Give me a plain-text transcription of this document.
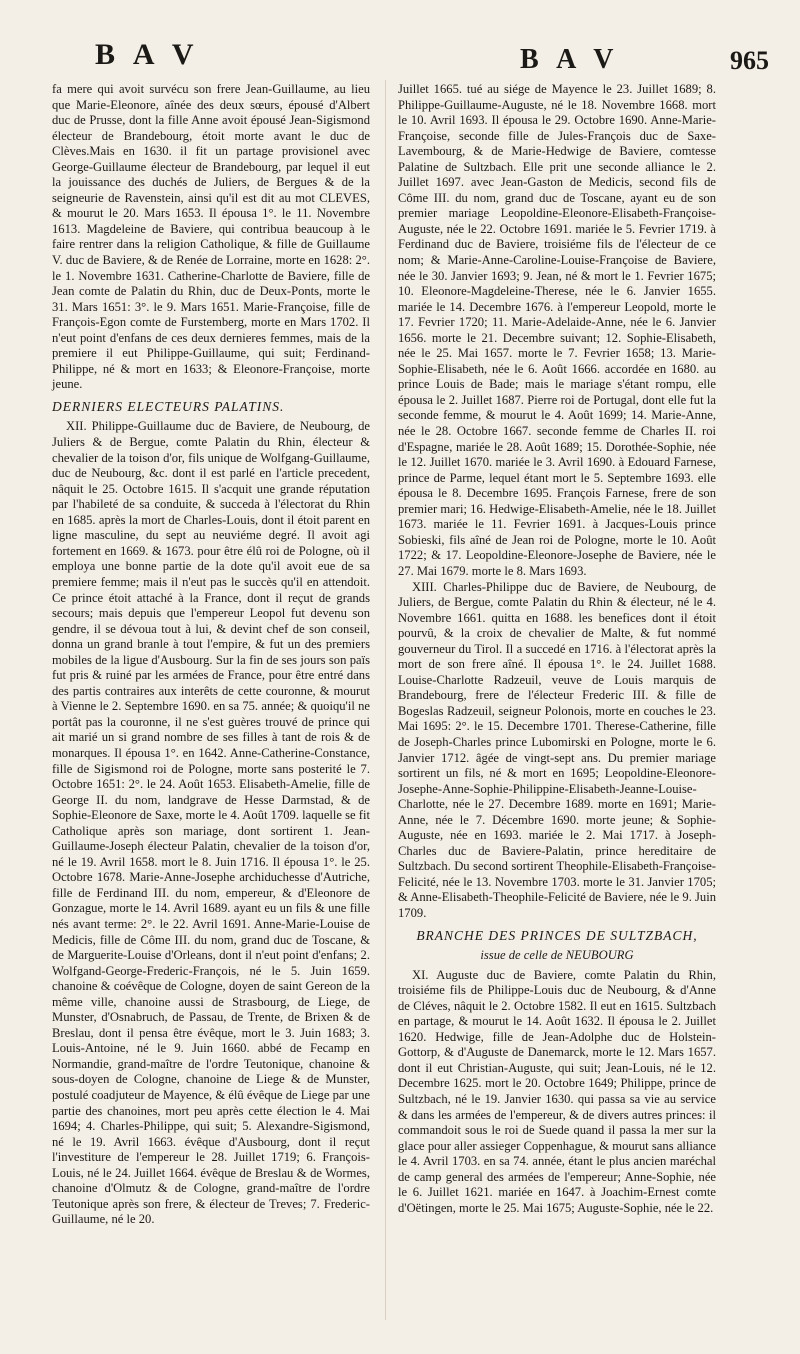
B A V	B A V	965

fa mere qui avoit survécu son frere Jean-Guillaume, au lieu que Marie-Eleonore, aînée des deux sœurs, épousé d'Albert duc de Prusse, dont la fille Anne avoit épousé Jean-Sigismond électeur de Brandebourg, étoit morte avant le duc de Clèves.Mais en 1630. il fit un partage provisionel avec George-Guillaume électeur de Brandebourg, par lequel il eut la jouissance des duchés de Juliers, de Bergues & de la seigneurie de Ravenstein, ainsi qu'il est dit au mot CLEVES, & mourut le 20. Mars 1653. Il épousa 1°. le 11. Novembre 1613. Magdeleine de Baviere, qui contribua beaucoup à le faire rentrer dans la religion Catholique, & fille de Guillaume V. duc de Baviere, & de Renée de Lorraine, morte en 1628: 2°. le 1. Novembre 1631. Catherine-Charlotte de Baviere, fille de Jean comte de Palatin du Rhin, duc de Deux-Ponts, morte le 31. Mars 1651: 3°. le 9. Mars 1651. Marie-Françoise, fille de François-Egon comte de Furstemberg, morte en Mars 1702. Il n'eut point d'enfans de ces deux dernieres femmes, mais de la premiere il eut Philippe-Guillaume, qui suit; Ferdinand-Philippe, né & mort en 1633; & Eleonore-Françoise, morte jeune.

DERNIERS ELECTEURS PALATINS.

XII. Philippe-Guillaume duc de Baviere, de Neubourg, de Juliers & de Bergue, comte Palatin du Rhin, électeur & chevalier de la toison d'or, fils unique de Wolfgang-Guillaume, duc de Neubourg, &c. dont il est parlé en l'article precedent, nâquit le 25. Octobre 1615. Il s'acquit une grande réputation par l'habileté de sa conduite, & succeda à l'électorat du Rhin en 1685. après la mort de Charles-Louis, dont il étoit parent en ligne masculine, du sept au neuviéme degré. Il avoit agi fortement en 1669. & 1673. pour être élû roi de Pologne, où il employa une bonne partie de la dote qu'il avoit eue de sa premiere femme; mais il n'eut pas le succès qu'il en attendoit. Ce prince étoit attaché à la France, dont il reçut de grands secours; mais depuis que l'empereur Leopol fut devenu son gendre, il se dévoua tout à lui, & devint chef de son conseil, donna un grand branle à tout l'empire, & fut un des premiers mobiles de la ligue d'Ausbourg. Sur la fin de ses jours son païs fut pris & ruiné par les armées de France, pour être entré dans des partis contraires aux interêts de cette couronne, & mourut à Vienne le 2. Septembre 1690. en sa 75. année; & quoiqu'il ne portât pas la couronne, il ne s'est guères trouvé de prince qui ait marié un si grand nombre de ses filles à tant de rois & de monarques. Il épousa 1°. en 1642. Anne-Catherine-Constance, fille de Sigismond roi de Pologne, morte sans posterité le 7. Octobre 1651: 2°. le 24. Août 1653. Elisabeth-Amelie, fille de George II. du nom, landgrave de Hesse Darmstad, & de Sophie-Eleonore de Saxe, morte le 4. Août 1709. laquelle se fit Catholique après son mariage, dont sortirent 1. Jean-Guillaume-Joseph électeur Palatin, chevalier de la toison d'or, né le 19. Avril 1658. mort le 8. Juin 1716. Il épousa 1°. le 25. Octobre 1678. Marie-Anne-Josephe archiduchesse d'Autriche, fille de Ferdinand III. du nom, empereur, & d'Eleonore de Gonzague, morte le 14. Avril 1689. ayant eu un fils & une fille nés avant terme: 2°. le 22. Avril 1691. Anne-Marie-Louise de Medicis, fille de Côme III. du nom, grand duc de Toscane, & de Marguerite-Louise d'Orleans, dont il n'eut point d'enfans; 2. Wolfgand-George-Frederic-François, né le 5. Juin 1659. chanoine & coévêque de Cologne, doyen de saint Gereon de la même ville, chanoine aussi de Strasbourg, de Liege, de Munster, d'Osnabruch, de Passau, de Trente, de Brixen & de Breslau, dont il pensa être évêque, mort le 3. Juin 1683; 3. Louis-Antoine, né le 9. Juin 1660. abbé de Fecamp en Normandie, grand-maître de l'ordre Teutonique, chanoine & sous-doyen de Cologne, chanoine de Liege & de Munster, postulé coadjuteur de Mayence, & élû évêque de Liege par une partie des chanoines, mort peu après cette élection le 4. Mai 1694; 4. Charles-Philippe, qui suit; 5. Alexandre-Sigismond, né le 19. Avril 1663. évêque d'Ausbourg, dont il reçut l'investiture de l'empereur le 28. Juillet 1719; 6. François-Louis, né le 24. Juillet 1664. évêque de Breslau & de Wormes, chanoine d'Olmutz & de Cologne, grand-maître de l'ordre Teutonique après son frere, & électeur de Treves; 7. Frederic-Guillaume, né le 20.

Juillet 1665. tué au siége de Mayence le 23. Juillet 1689; 8. Philippe-Guillaume-Auguste, né le 18. Novembre 1668. mort le 10. Avril 1693. Il épousa le 29. Octobre 1690. Anne-Marie-Françoise, seconde fille de Jules-François duc de Saxe-Lavembourg, & de Marie-Hedwige de Baviere, comtesse Palatine de Sultzbach. Elle prit une seconde alliance le 2. Juillet 1697. avec Jean-Gaston de Medicis, second fils de Côme III. du nom, grand duc de Toscane, ayant eu de son premier mariage Leopoldine-Eleonore-Elisabeth-Françoise-Auguste, née le 22. Octobre 1691. mariée le 5. Fevrier 1719. à Ferdinand duc de Baviere, troisiéme fils de l'électeur de ce nom; & Marie-Anne-Caroline-Louise-Françoise de Baviere, née le 30. Janvier 1693; 9. Jean, né & mort le 1. Fevrier 1675; 10. Eleonore-Magdeleine-Therese, née le 6. Janvier 1655. mariée le 14. Decembre 1676. à l'empereur Leopold, morte le 17. Fevrier 1720; 11. Marie-Adelaide-Anne, née le 6. Janvier 1656. morte le 21. Decembre suivant; 12. Sophie-Elisabeth, née le 25. Mai 1657. morte le 7. Fevrier 1658; 13. Marie-Sophie-Elisabeth, née le 6. Août 1666. accordée en 1680. au prince Louis de Bade; mais le mariage s'étant rompu, elle épousa le 2. Juillet 1687. Pierre roi de Portugal, dont elle fut la seconde femme, & mourut le 4. Août 1699; 14. Marie-Anne, née le 28. Octobre 1667. seconde femme de Charles II. roi d'Espagne, mariée le 28. Août 1689; 15. Dorothée-Sophie, née le 12. Juillet 1670. mariée le 3. Avril 1690. à Edouard Farnese, prince de Parme, lequel étant mort le 5. Septembre 1693. elle épousa le 8. Decembre 1695. François Farnese, frere de son premier mari; 16. Hedwige-Elisabeth-Amelie, née le 18. Juillet 1673. mariée le 11. Fevrier 1691. à Jacques-Louis prince Sobieski, fils aîné de Jean roi de Pologne, morte le 10. Août 1722; & 17. Leopoldine-Eleonore-Josephe de Baviere, née le 27. Mai 1679. morte le 8. Mars 1693.

XIII. Charles-Philippe duc de Baviere, de Neubourg, de Juliers, de Bergue, comte Palatin du Rhin & électeur, né le 4. Novembre 1661. quitta en 1688. les benefices dont il étoit pourvû, & la croix de chevalier de Malte, & fut nommé gouverneur du Tirol. Il a succedé en 1716. à l'électorat après la mort de son frere aîné. Il épousa 1°. le 24. Juillet 1688. Louise-Charlotte Radzeuil, veuve de Louis marquis de Brandebourg, frere de l'électeur Frederic III. & fille de Bogeslas Radzeuil, seigneur Polonois, morte en couches le 23. Mai 1695: 2°. le 15. Decembre 1701. Therese-Catherine, fille de Joseph-Charles prince Lubomirski en Pologne, morte le 6. Janvier 1712. âgée de vingt-sept ans. Du premier mariage sortirent un fils, né & mort en 1695; Leopoldine-Eleonore-Josephe-Anne-Sophie-Philippine-Elisabeth-Jeanne-Louise-Charlotte, née le 27. Decembre 1689. morte en 1691; Marie-Anne, née le 7. Décembre 1690. morte jeune; & Sophie-Auguste, née en 1693. mariée le 2. Mai 1717. à Joseph-Charles duc de Baviere-Palatin, prince hereditaire de Sultzbach. Du second sortirent Theophile-Elisabeth-Françoise-Felicité, née le 13. Novembre 1703. morte le 31. Janvier 1705; & Anne-Elisabeth-Theophile-Felicité de Baviere, née le 9. Juin 1709.

BRANCHE DES PRINCES DE SULTZBACH,
issue de celle de NEUBOURG

XI. Auguste duc de Baviere, comte Palatin du Rhin, troisiéme fils de Philippe-Louis duc de Neubourg, & d'Anne de Cléves, nâquit le 2. Octobre 1582. Il eut en 1615. Sultzbach en partage, & mourut le 14. Août 1632. Il épousa le 2. Juillet 1620. Hedwige, fille de Jean-Adolphe duc de Holstein-Gottorp, & d'Auguste de Danemarck, morte le 12. Mars 1657. dont il eut Christian-Auguste, qui suit; Jean-Louis, né le 12. Decembre 1625. mort le 20. Octobre 1649; Philippe, prince de Sultzbach, né le 19. Janvier 1630. qui passa sa vie au service & dans les armées de l'empereur, & de divers autres princes: il commandoit sous le roi de Suede quand il passa la mer sur la glace pour aller assieger Coppenhague, & mourut sans alliance le 4. Avril 1703. en sa 74. année, étant le plus ancien maréchal de camp general des armées de l'empereur; Anne-Sophie, née le 6. Juillet 1621. mariée en 1647. à Joachim-Ernest comte d'Oëtingen, morte le 25. Mai 1675; Auguste-Sophie, née le 22.
